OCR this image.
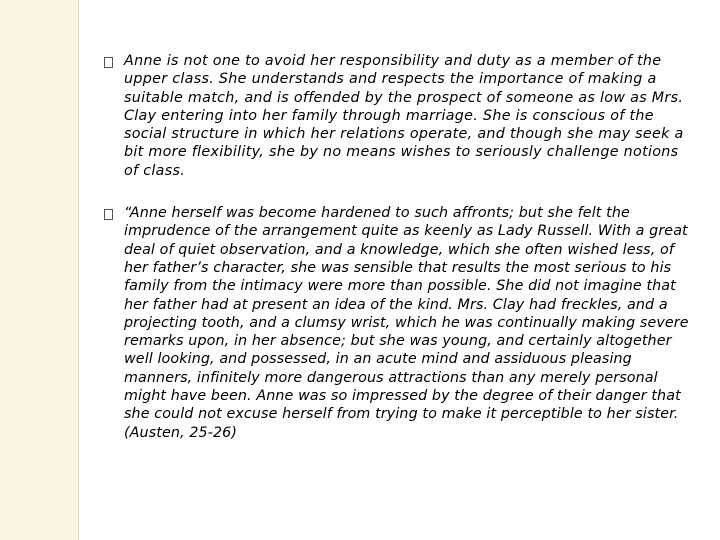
Anne is not one to avoid her responsibility and duty as a member of the upper class. She understands and respects the importance of making a suitable match, and is offended by the prospect of someone as low as Mrs. Clay entering into her family through marriage. She is conscious of the social structure in which her relations operate, and though she may seek a bit more flexibility, she by no means wishes to seriously challenge notions of class.

“Anne herself was become hardened to such affronts; but she felt the imprudence of the arrangement quite as keenly as Lady Russell. With a great deal of quiet observation, and a knowledge, which she often wished less, of her father’s character, she was sensible that results the most serious to his family from the intimacy were more than possible. She did not imagine that her father had at present an idea of the kind. Mrs. Clay had freckles, and a projecting tooth, and a clumsy wrist, which he was continually making severe remarks upon, in her absence; but she was young, and certainly altogether well looking, and possessed, in an acute mind and assiduous pleasing manners, infinitely more dangerous attractions than any merely personal might have been. Anne was so impressed by the degree of their danger that she could not excuse herself from trying to make it perceptible to her sister. (Austen, 25-26)
